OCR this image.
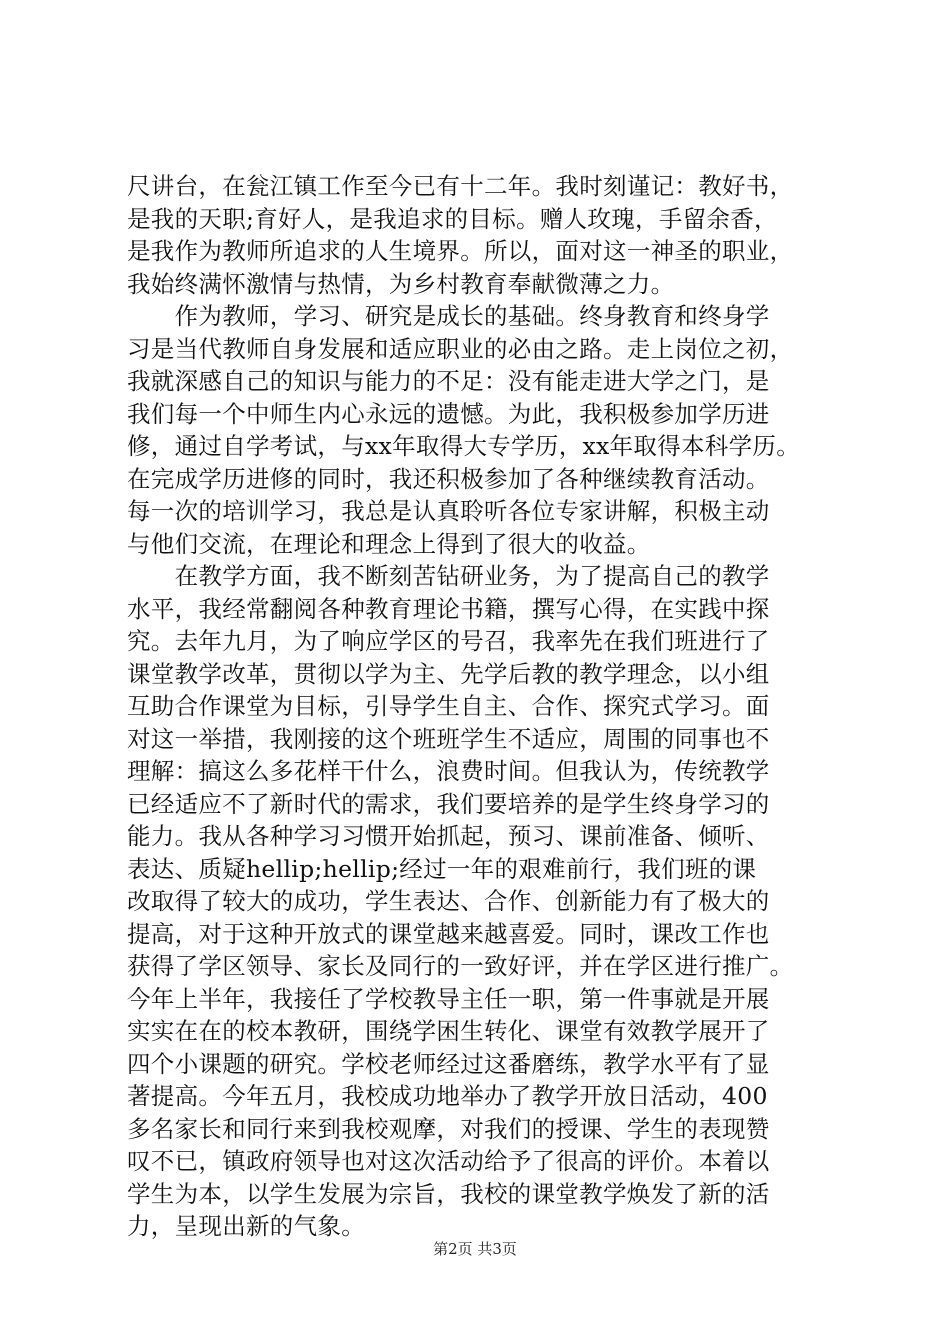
尺讲台，在瓮江镇工作至今已有十二年。我时刻谨记：教好书，
是我的天职;育好人，是我追求的目标。赠人玫瑰，手留余香，
是我作为教师所追求的人生境界。所以，面对这一神圣的职业，
我始终满怀激情与热情，为乡村教育奉献微薄之力。
　　作为教师，学习、研究是成长的基础。终身教育和终身学
习是当代教师自身发展和适应职业的必由之路。走上岗位之初，
我就深感自己的知识与能力的不足：没有能走进大学之门，是
我们每一个中师生内心永远的遗憾。为此，我积极参加学历进
修，通过自学考试，与xx年取得大专学历，xx年取得本科学历。
在完成学历进修的同时，我还积极参加了各种继续教育活动。
每一次的培训学习，我总是认真聆听各位专家讲解，积极主动
与他们交流，在理论和理念上得到了很大的收益。
　　在教学方面，我不断刻苦钻研业务，为了提高自己的教学
水平，我经常翻阅各种教育理论书籍，撰写心得，在实践中探
究。去年九月，为了响应学区的号召，我率先在我们班进行了
课堂教学改革，贯彻以学为主、先学后教的教学理念，以小组
互助合作课堂为目标，引导学生自主、合作、探究式学习。面
对这一举措，我刚接的这个班班学生不适应，周围的同事也不
理解：搞这么多花样干什么，浪费时间。但我认为，传统教学
已经适应不了新时代的需求，我们要培养的是学生终身学习的
能力。我从各种学习习惯开始抓起，预习、课前准备、倾听、
表达、质疑hellip;hellip;经过一年的艰难前行，我们班的课
改取得了较大的成功，学生表达、合作、创新能力有了极大的
提高，对于这种开放式的课堂越来越喜爱。同时，课改工作也
获得了学区领导、家长及同行的一致好评，并在学区进行推广。
今年上半年，我接任了学校教导主任一职，第一件事就是开展
实实在在的校本教研，围绕学困生转化、课堂有效教学展开了
四个小课题的研究。学校老师经过这番磨练，教学水平有了显
著提高。今年五月，我校成功地举办了教学开放日活动，400
多名家长和同行来到我校观摩，对我们的授课、学生的表现赞
叹不已，镇政府领导也对这次活动给予了很高的评价。本着以
学生为本，以学生发展为宗旨，我校的课堂教学焕发了新的活
力，呈现出新的气象。
第2页 共3页
